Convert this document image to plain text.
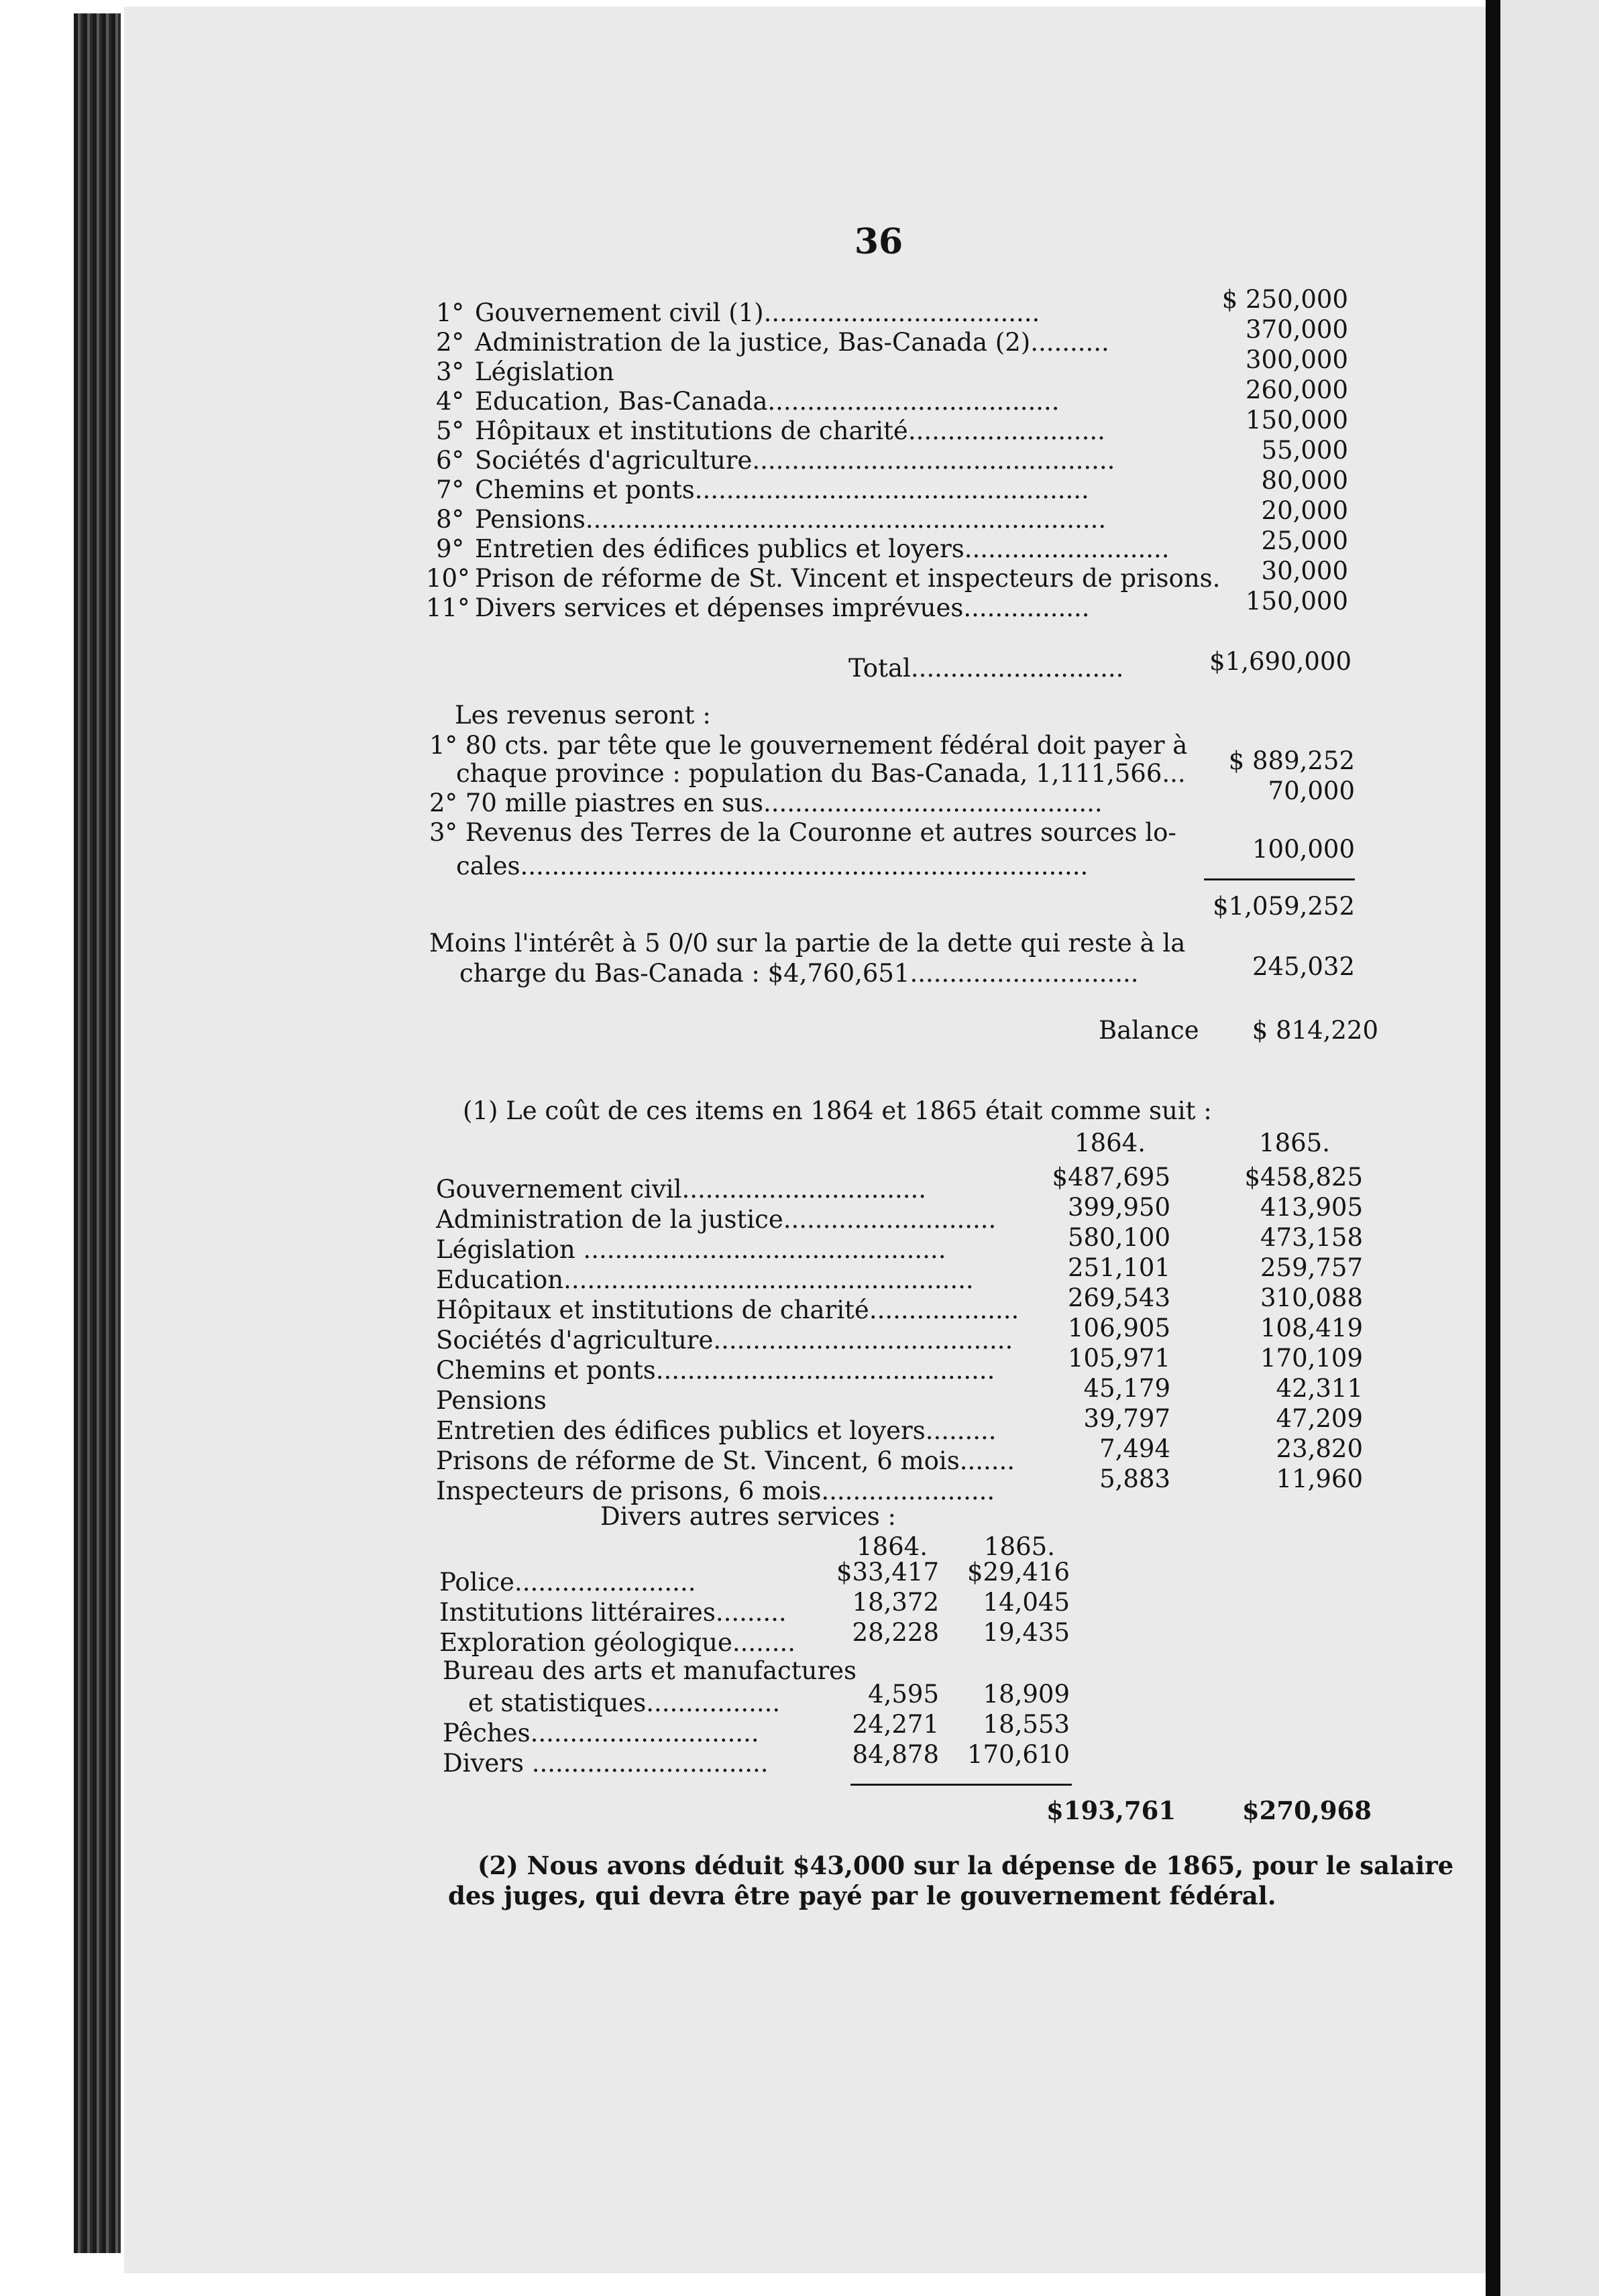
36
1° Gouvernement civil (1)...................................	$ 250,000
2° Administration de la justice, Bas-Canada (2)..........	370,000
3° Législation	300,000
4° Education, Bas-Canada.....................................	260,000
5° Hôpitaux et institutions de charité.........................	150,000
6° Sociétés d'agriculture..............................................	55,000
7° Chemins et ponts..................................................	80,000
8° Pensions..................................................................	20,000
9° Entretien des édifices publics et loyers..........................	25,000
10° Prison de réforme de St. Vincent et inspecteurs de prisons.	30,000
11° Divers services et dépenses imprévues................	150,000
Total...........................	$1,690,000
Les revenus seront :
1° 80 cts. par tête que le gouvernement fédéral doit payer à
chaque province : population du Bas-Canada, 1,111,566...	$ 889,252
2° 70 mille piastres en sus...........................................	70,000
3° Revenus des Terres de la Couronne et autres sources lo-
cales........................................................................
100,000
$1,059,252
Moins l'intérêt à 5 0/0 sur la partie de la dette qui reste à la
charge du Bas-Canada : $4,760,651.............................	245,032
Balance	$ 814,220
(1) Le coût de ces items en 1864 et 1865 était comme suit :
1864.	1865.
Gouvernement civil...............................	$487,695	$458,825
Administration de la justice...........................	399,950	413,905
Législation ..............................................	580,100	473,158
Education....................................................	251,101	259,757
Hôpitaux et institutions de charité...................	269,543	310,088
Sociétés d'agriculture......................................	106,905	108,419
Chemins et ponts...........................................	105,971	170,109
Pensions	45,179	42,311
Entretien des édifices publics et loyers.........	39,797	47,209
Prisons de réforme de St. Vincent, 6 mois.......	7,494	23,820
Inspecteurs de prisons, 6 mois......................	5,883	11,960
Divers autres services :
1864.	1865.
Police.......................	$33,417	$29,416
Institutions littéraires.........	18,372	14,045
Exploration géologique........	28,228	19,435
Bureau des arts et manufactures
et statistiques.................	4,595	18,909
Pêches.............................	24,271	18,553
Divers ..............................	84,878	170,610
$193,761	$270,968
(2) Nous avons déduit $43,000 sur la dépense de 1865, pour le salaire
des juges, qui devra être payé par le gouvernement fédéral.
